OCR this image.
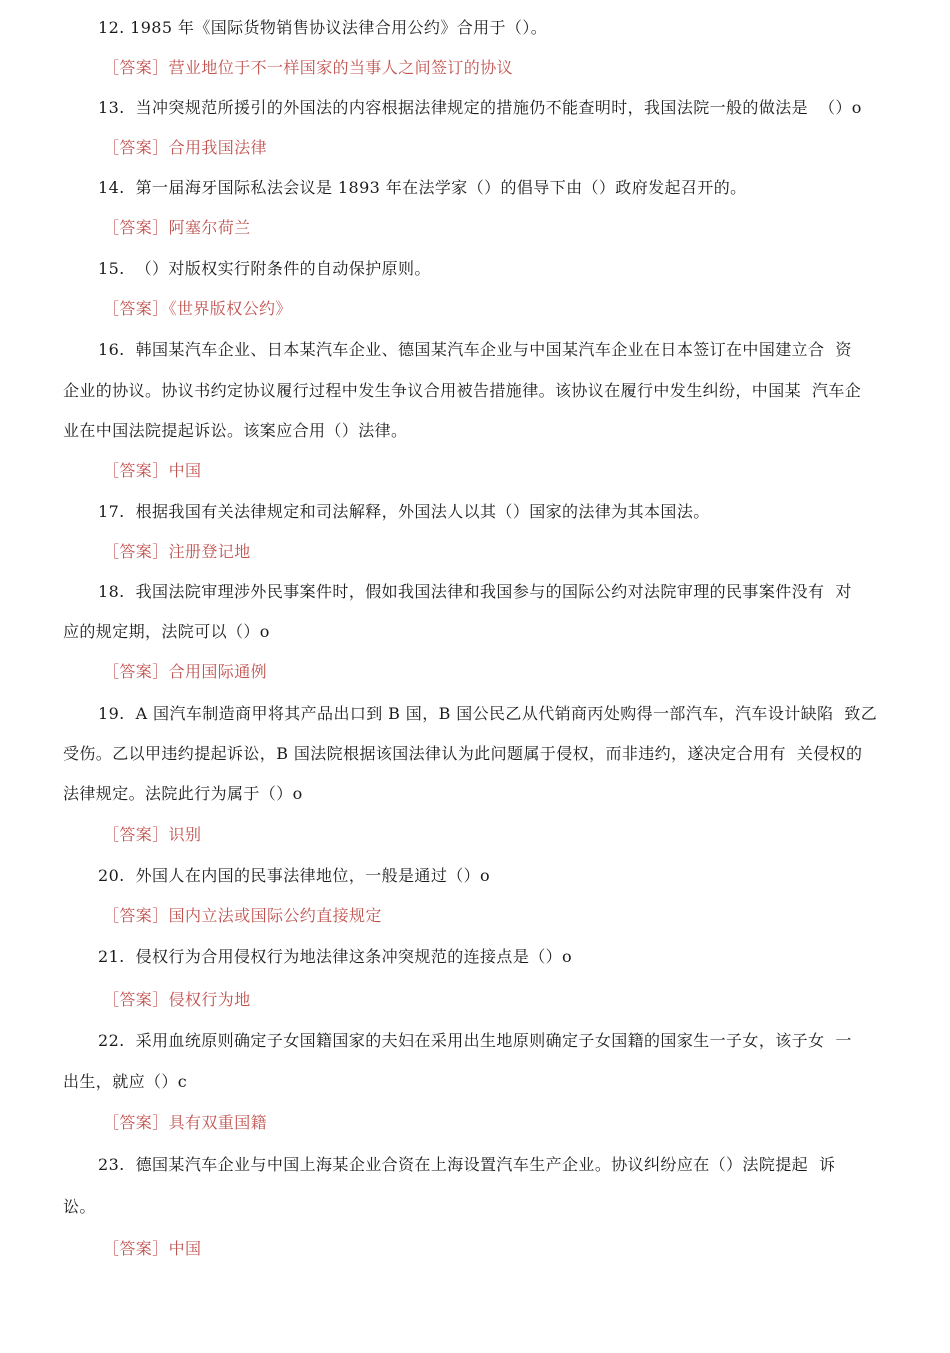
12. 1985 年《国际货物销售协议法律合用公约》合用于（）。
［答案］营业地位于不一样国家的当事人之间签订的协议
13.  当冲突规范所援引的外国法的内容根据法律规定的措施仍不能查明时，我国法院一般的做法是  （）o
［答案］合用我国法律
14.  第一届海牙国际私法会议是 1893 年在法学家（）的倡导下由（）政府发起召开的。
［答案］阿塞尔荷兰
15.  （）对版权实行附条件的自动保护原则。
［答案］《世界版权公约》
16.  韩国某汽车企业、日本某汽车企业、德国某汽车企业与中国某汽车企业在日本签订在中国建立合  资
企业的协议。协议书约定协议履行过程中发生争议合用被告措施律。该协议在履行中发生纠纷，中国某  汽车企
业在中国法院提起诉讼。该案应合用（）法律。
［答案］中国
17.  根据我国有关法律规定和司法解释，外国法人以其（）国家的法律为其本国法。
［答案］注册登记地
18.  我国法院审理涉外民事案件时，假如我国法律和我国参与的国际公约对法院审理的民事案件没有  对
应的规定期，法院可以（）o
［答案］合用国际通例
19.  A 国汽车制造商甲将其产品出口到 B 国，B 国公民乙从代销商丙处购得一部汽车，汽车设计缺陷  致乙
受伤。乙以甲违约提起诉讼，B 国法院根据该国法律认为此问题属于侵权，而非违约，遂决定合用有  关侵权的
法律规定。法院此行为属于（）o
［答案］识别
20.  外国人在内国的民事法律地位，一般是通过（）o
［答案］国内立法或国际公约直接规定
21.  侵权行为合用侵权行为地法律这条冲突规范的连接点是（）o
［答案］侵权行为地
22.  采用血统原则确定子女国籍国家的夫妇在采用出生地原则确定子女国籍的国家生一子女，该子女  一
出生，就应（）c
［答案］具有双重国籍
23.  德国某汽车企业与中国上海某企业合资在上海设置汽车生产企业。协议纠纷应在（）法院提起  诉
讼。
［答案］中国
